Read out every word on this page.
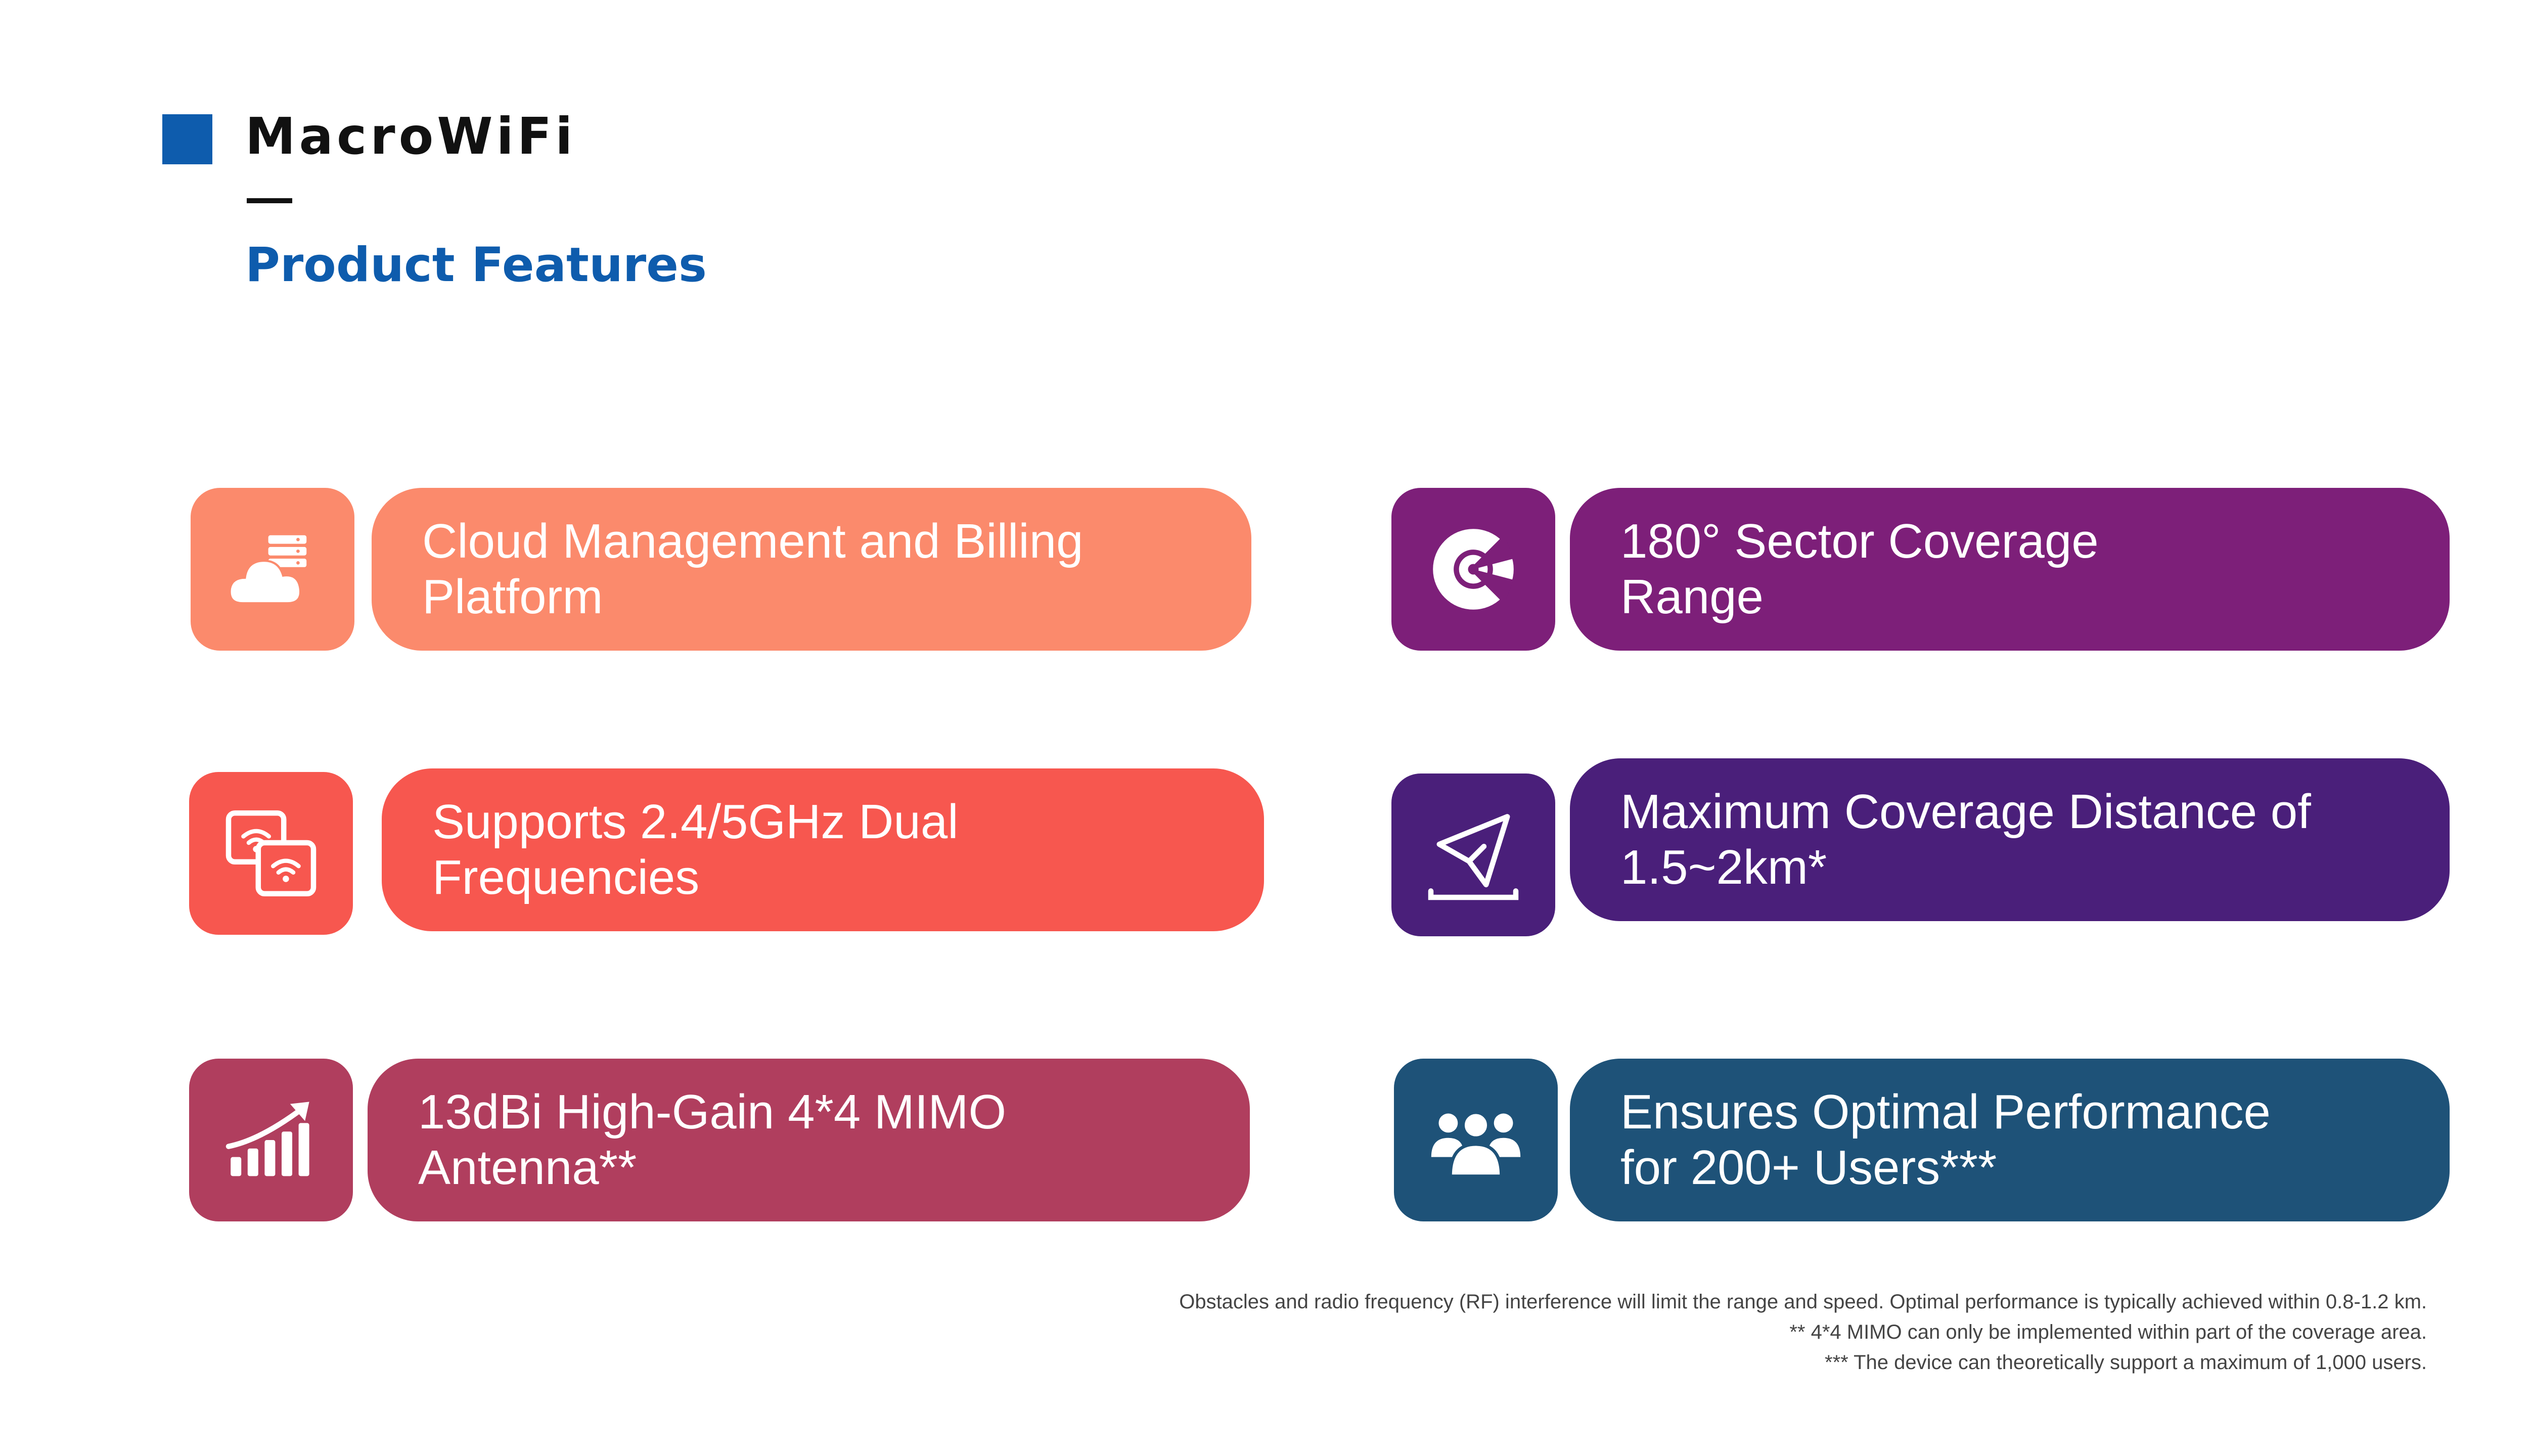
MacroWiFi
Product Features
Cloud Management and Billing
Platform
Supports 2.4/5GHz Dual
Frequencies
13dBi High-Gain 4*4 MIMO
Antenna**
180° Sector Coverage
Range
Maximum Coverage Distance of
1.5~2km*
Ensures Optimal Performance
for 200+ Users***
Obstacles and radio frequency (RF) interference will limit the range and speed. Optimal performance is typically achieved within 0.8-1.2 km.
** 4*4 MIMO can only be implemented within part of the coverage area.
*** The device can theoretically support a maximum of 1,000 users.
